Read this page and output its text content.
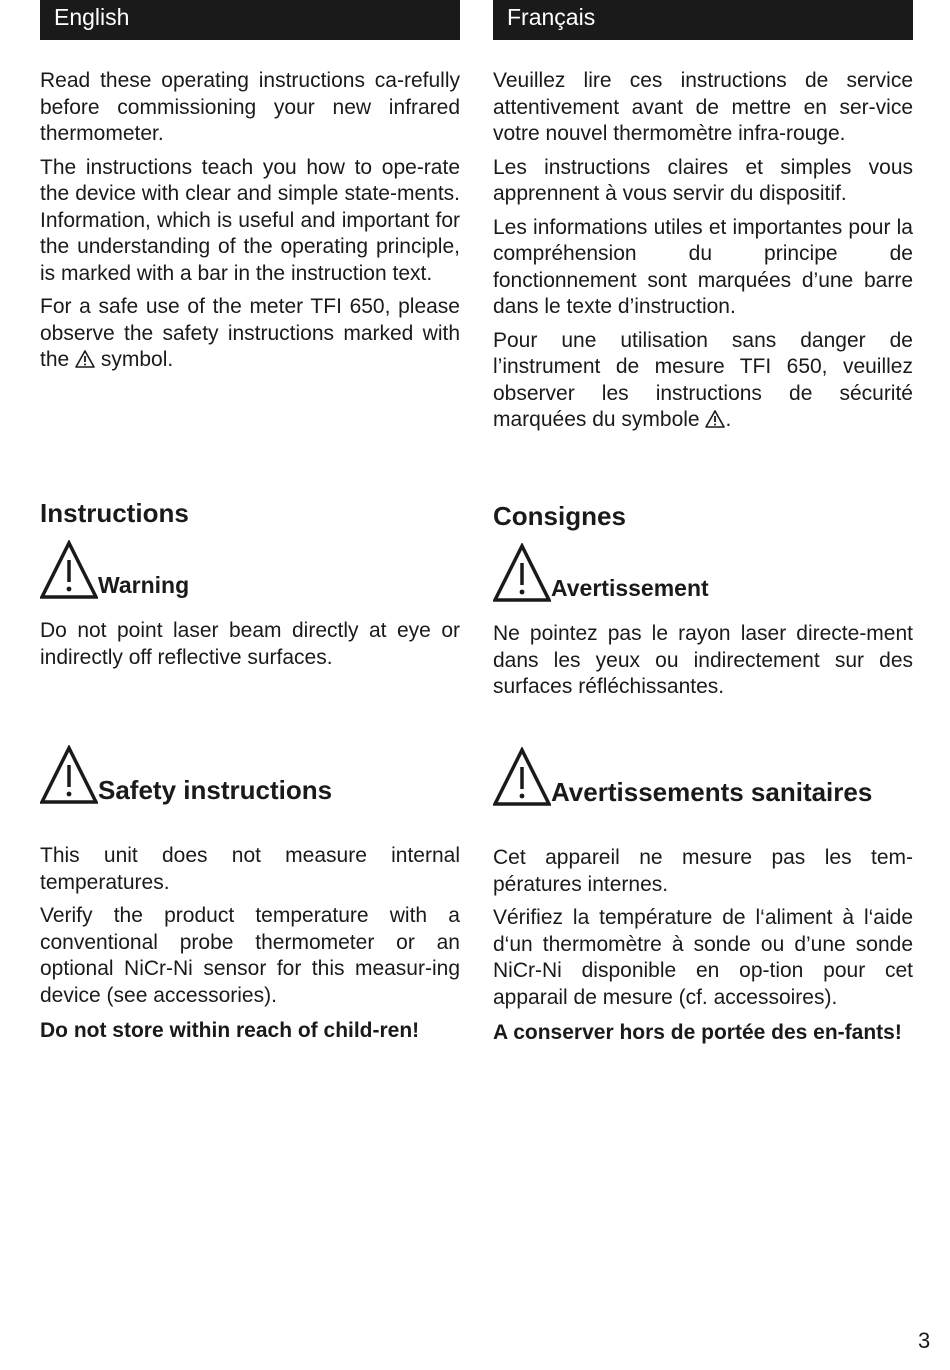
English

Read these operating instructions ca-refully before commissioning your new infrared thermometer.

The instructions teach you how to ope-rate the device with clear and simple state-ments. Information, which is useful and important for the understanding of the operating principle, is marked with a bar in the instruction text.

For a safe use of the meter TFI 650, please observe the safety instructions marked with the  symbol.

Instructions
Warning

Do not point laser beam directly at eye or indirectly off reflective surfaces.

Safety instructions

This unit does not measure internal temperatures.

Verify the product temperature with a conventional probe thermometer or an optional NiCr-Ni sensor for this measur-ing device (see accessories).

Do not store within reach of child-ren!

Français

Veuillez lire ces instructions de service attentivement avant de mettre en ser-vice votre nouvel thermomètre infra-rouge.

Les instructions claires et simples vous apprennent à vous servir du dispositif.

Les informations utiles et importantes pour la compréhension du principe de fonctionnement sont marquées d’une barre dans le texte d’instruction.

Pour une utilisation sans danger de l’instrument de mesure TFI 650, veuillez observer les instructions de sécurité marquées du symbole .

Consignes
Avertissement

Ne pointez pas le rayon laser directe-ment dans les yeux ou indirectement sur des surfaces réfléchissantes.

Avertissements sanitaires

Cet appareil ne mesure pas les tem-pératures internes.

Vérifiez la température de l‘aliment à l‘aide d‘un thermomètre à sonde ou d’une sonde NiCr-Ni disponible en op-tion pour cet apparail de mesure (cf. accessoires).

A conserver hors de portée des en-fants!

3
